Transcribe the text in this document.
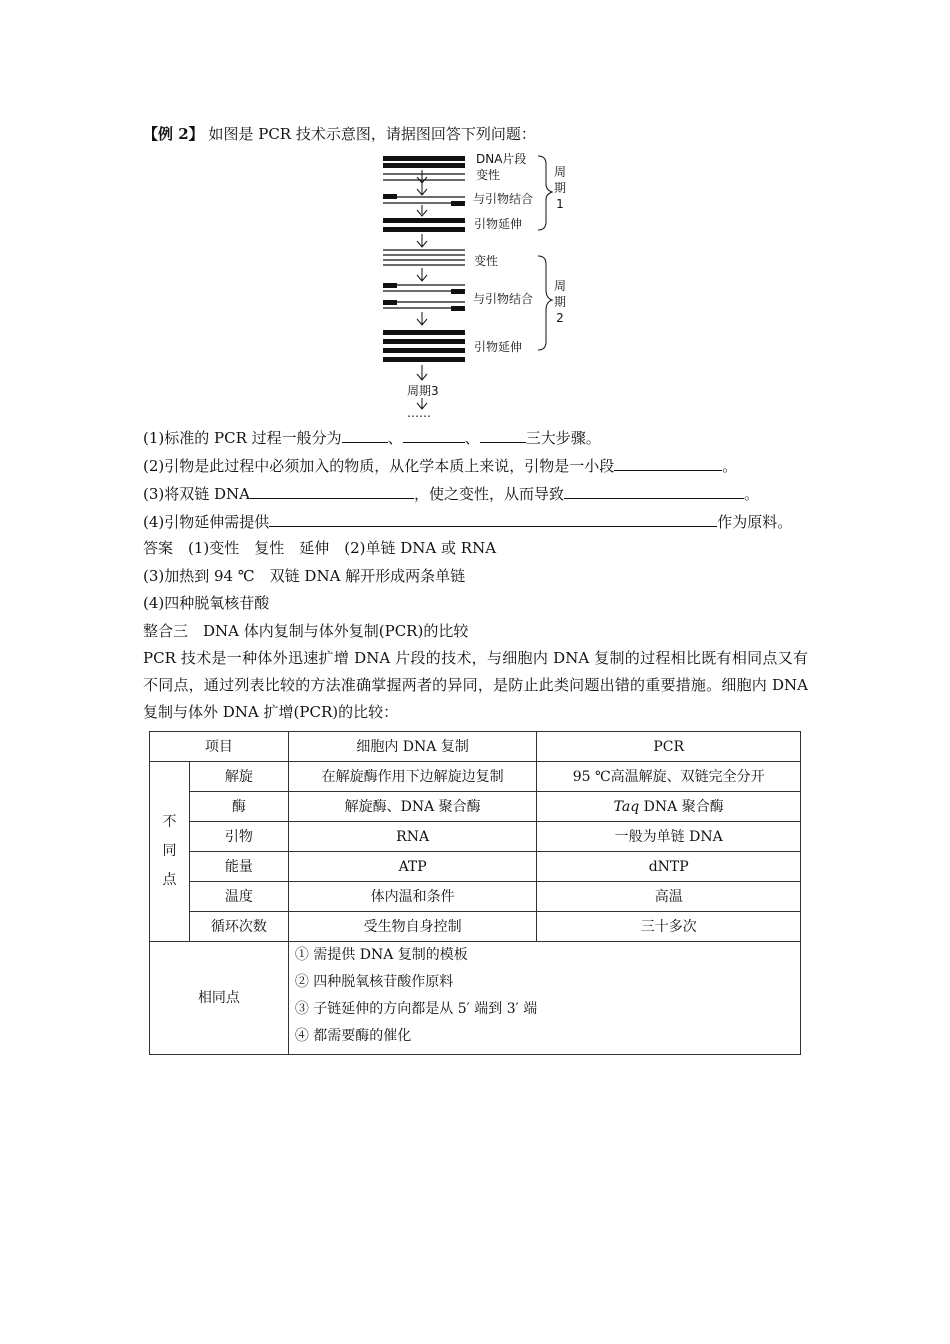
【例 2】 如图是 PCR 技术示意图，请据图回答下列问题：
DNA片段
变性
与引物结合
引物延伸
周期1
变性
与引物结合
引物延伸
周期2
周期3
……
(1)标准的 PCR 过程一般分为	、	、	三大步骤。
(2)引物是此过程中必须加入的物质，从化学本质上来说，引物是一小段	。
(3)将双链 DNA	，使之变性，从而导致	。
(4)引物延伸需提供	作为原料。
答案　(1)变性　复性　延伸　(2)单链 DNA 或 RNA
(3)加热到 94 ℃　双链 DNA 解开形成两条单链
(4)四种脱氧核苷酸
整合三　DNA 体内复制与体外复制(PCR)的比较
PCR 技术是一种体外迅速扩增 DNA 片段的技术，与细胞内 DNA 复制的过程相比既有相同点又有不同点，通过列表比较的方法准确掌握两者的异同，是防止此类问题出错的重要措施。细胞内 DNA 复制与体外 DNA 扩增(PCR)的比较：
项目		细胞内 DNA 复制	PCR
不同点	解旋	在解旋酶作用下边解旋边复制	95 ℃高温解旋、双链完全分开
	酶	解旋酶、DNA 聚合酶	Taq DNA 聚合酶
	引物	RNA	一般为单链 DNA
	能量	ATP	dNTP
	温度	体内温和条件	高温
	循环次数	受生物自身控制	三十多次
相同点		① 需提供 DNA 复制的模板
② 四种脱氧核苷酸作原料
③ 子链延伸的方向都是从 5′ 端到 3′ 端
④ 都需要酶的催化	
